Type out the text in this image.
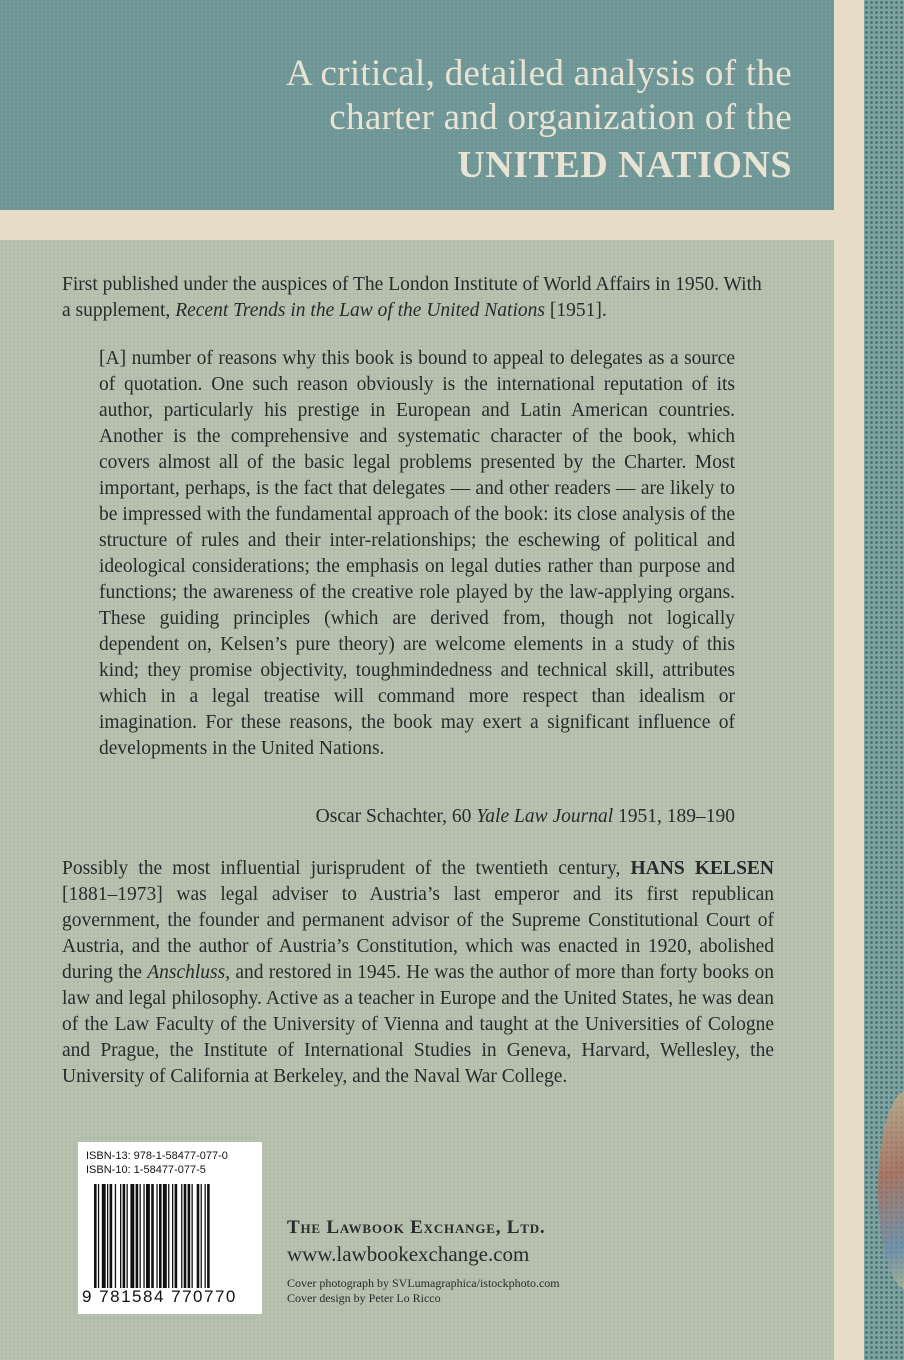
A critical, detailed analysis of the
charter and organization of the
UNITED NATIONS
First published under the auspices of The London Institute of World Affairs in 1950. With a supplement, Recent Trends in the Law of the United Nations [1951].
[A] number of reasons why this book is bound to appeal to delegates as a source of quotation. One such reason obviously is the international reputation of its author, particularly his prestige in European and Latin American countries. Another is the comprehensive and systematic character of the book, which covers almost all of the basic legal problems presented by the Charter. Most important, perhaps, is the fact that delegates — and other readers — are likely to be impressed with the fundamental approach of the book: its close analysis of the structure of rules and their inter-relationships; the eschewing of political and ideological considerations; the emphasis on legal duties rather than purpose and functions; the awareness of the creative role played by the law-applying organs. These guiding principles (which are derived from, though not logically dependent on, Kelsen’s pure theory) are welcome elements in a study of this kind; they promise objectivity, toughmindedness and technical skill, attributes which in a legal treatise will command more respect than idealism or imagination. For these reasons, the book may exert a significant influence of developments in the United Nations.
Oscar Schachter, 60 Yale Law Journal 1951, 189–190
Possibly the most influential jurisprudent of the twentieth century, HANS KELSEN [1881–1973] was legal adviser to Austria’s last emperor and its first republican government, the founder and permanent advisor of the Supreme Constitutional Court of Austria, and the author of Austria’s Constitution, which was enacted in 1920, abolished during the Anschluss, and restored in 1945. He was the author of more than forty books on law and legal philosophy. Active as a teacher in Europe and the United States, he was dean of the Law Faculty of the University of Vienna and taught at the Universities of Cologne and Prague, the Institute of International Studies in Geneva, Harvard, Wellesley, the University of California at Berkeley, and the Naval War College.
ISBN-13: 978-1-58477-077-0
ISBN-10: 1-58477-077-5
9 781584 770770
The Lawbook Exchange, Ltd.
www.lawbookexchange.com
Cover photograph by SVLumagraphica/istockphoto.com
Cover design by Peter Lo Ricco
